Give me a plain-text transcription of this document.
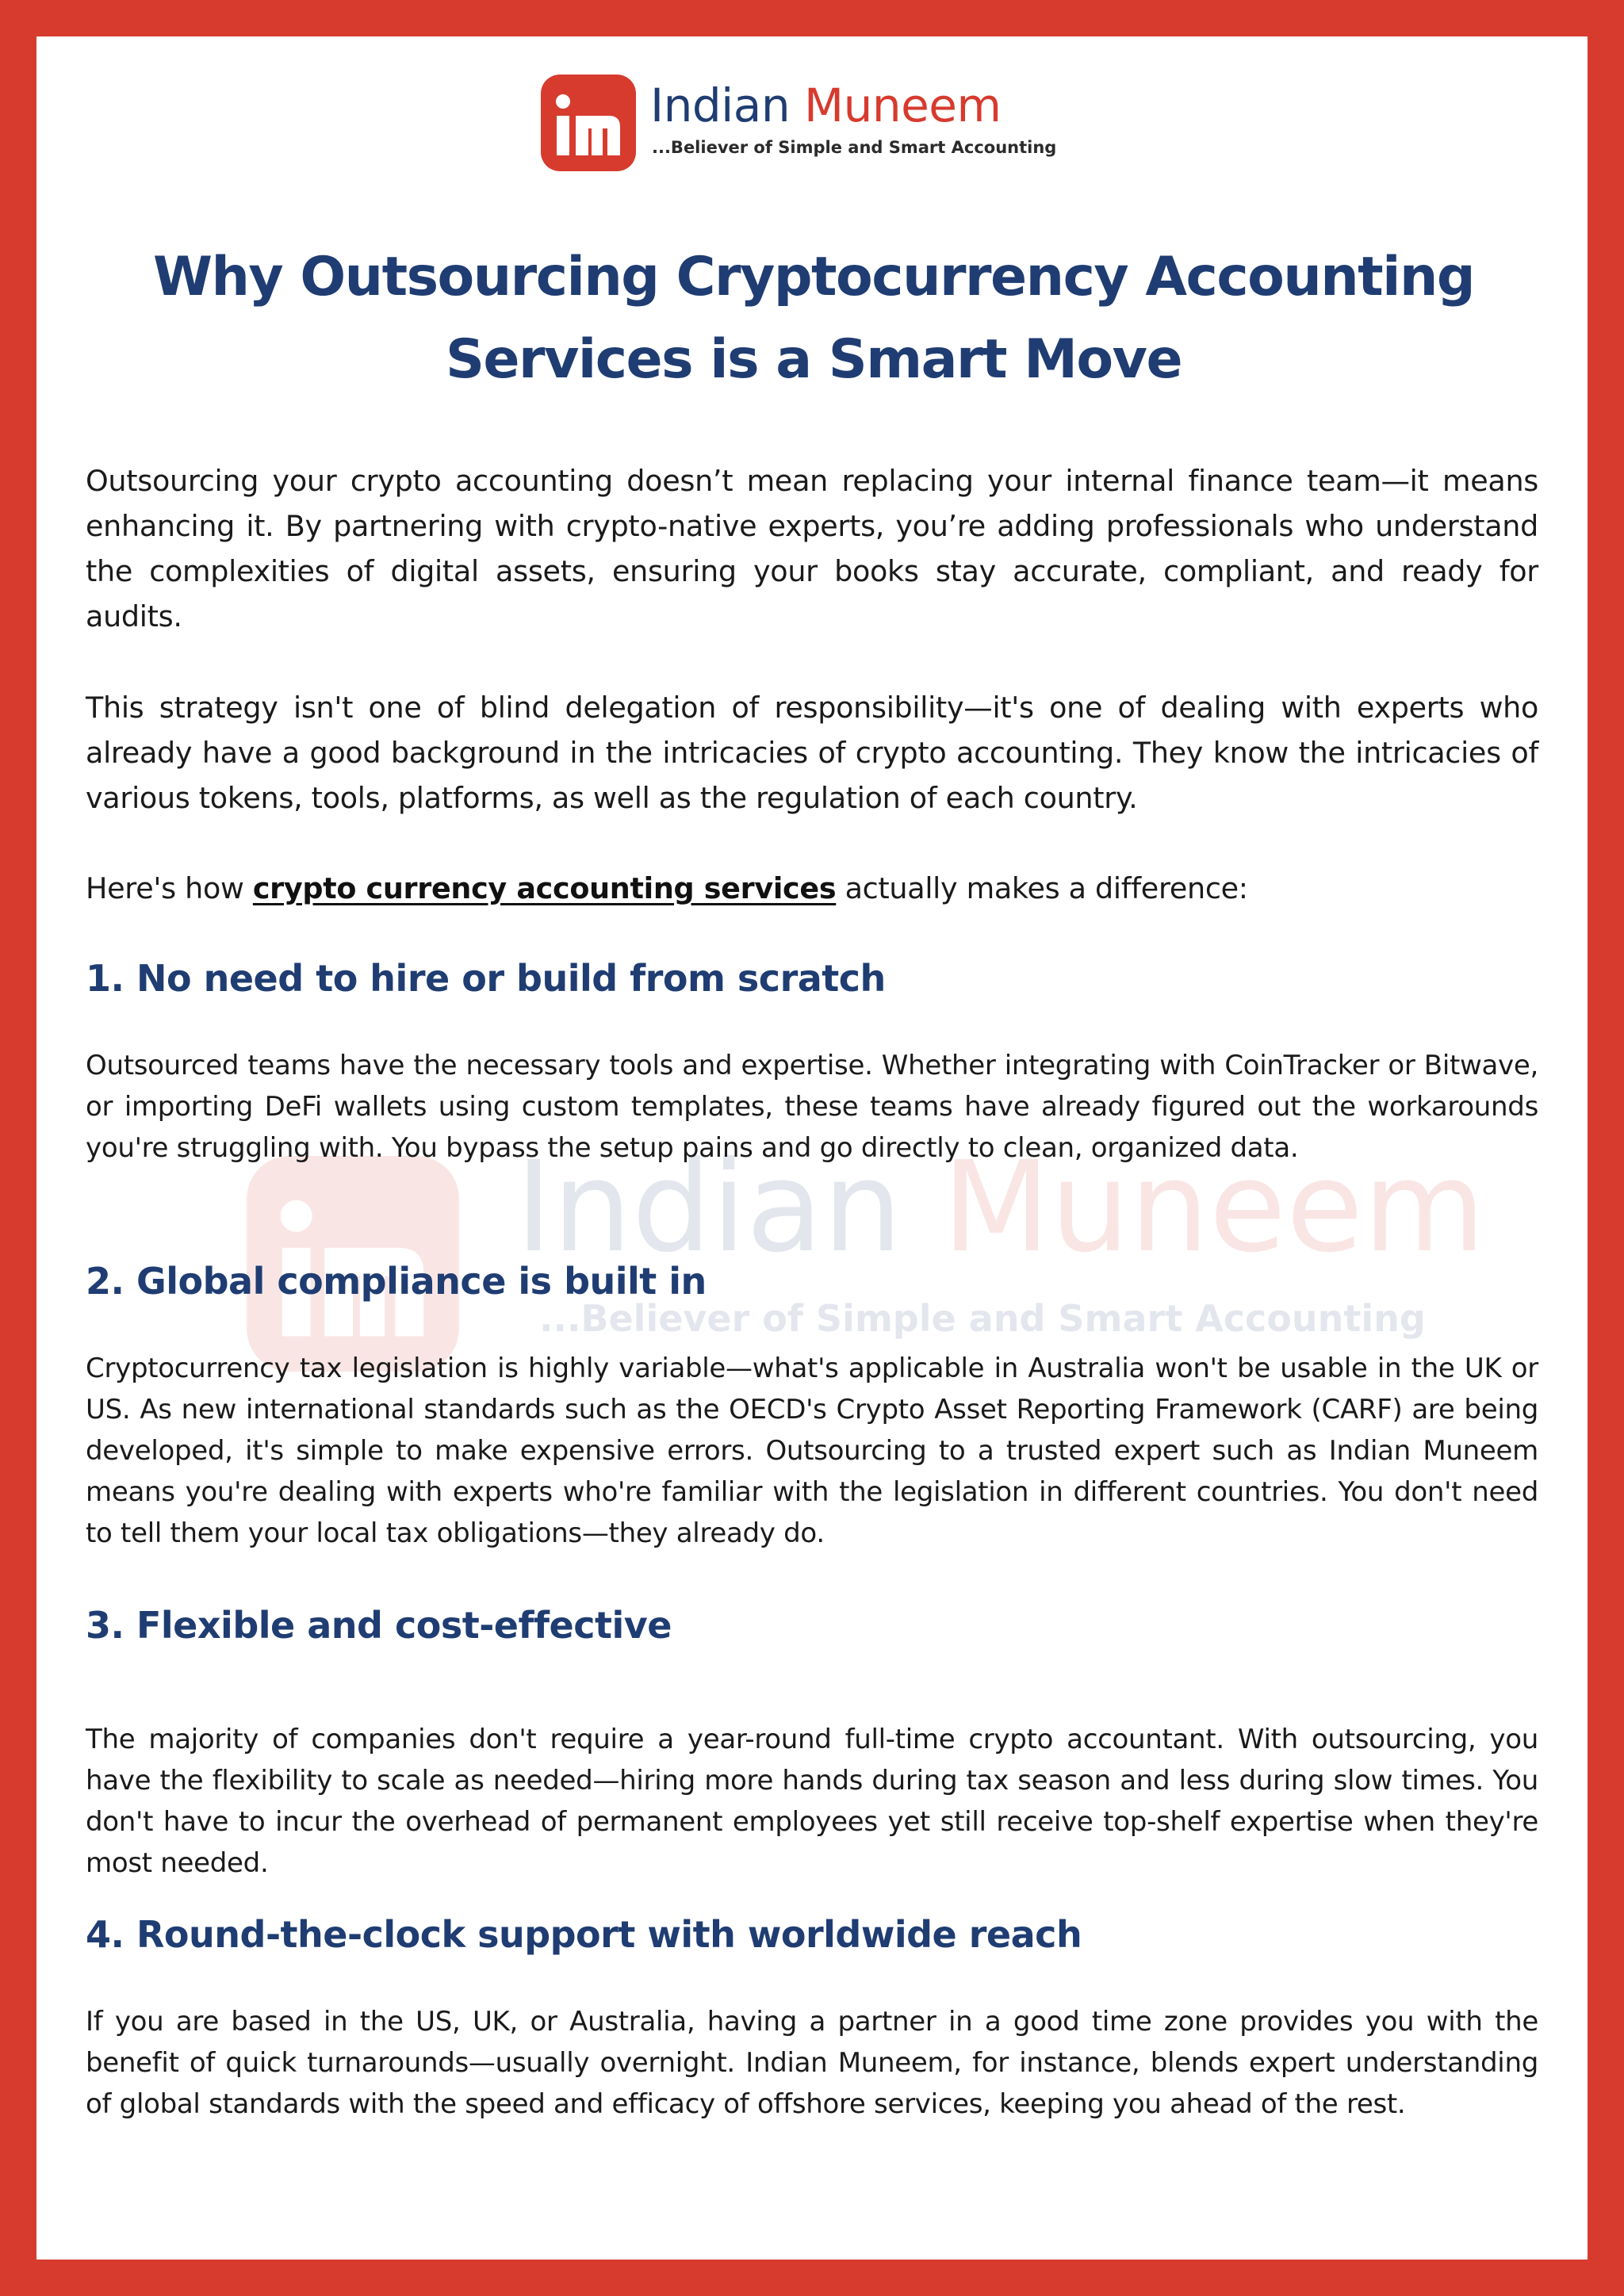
Indian Muneem
...Believer of Simple and Smart Accounting
Indian Muneem
...Believer of Simple and Smart Accounting
Why Outsourcing Cryptocurrency Accounting Services is a Smart Move

Outsourcing your crypto accounting doesn’t mean replacing your internal finance team—it means enhancing it. By partnering with crypto-native experts, you’re adding professionals who understand the complexities of digital assets, ensuring your books stay accurate, compliant, and ready for audits.

This strategy isn't one of blind delegation of responsibility—it's one of dealing with experts who already have a good background in the intricacies of crypto accounting. They know the intricacies of various tokens, tools, platforms, as well as the regulation of each country.

Here's how crypto currency accounting services actually makes a difference:

1. No need to hire or build from scratch

Outsourced teams have the necessary tools and expertise. Whether integrating with CoinTracker or Bitwave, or importing DeFi wallets using custom templates, these teams have already figured out the workarounds you're struggling with. You bypass the setup pains and go directly to clean, organized data.

2. Global compliance is built in

Cryptocurrency tax legislation is highly variable—what's applicable in Australia won't be usable in the UK or US. As new international standards such as the OECD's Crypto Asset Reporting Framework (CARF) are being developed, it's simple to make expensive errors. Outsourcing to a trusted expert such as Indian Muneem means you're dealing with experts who're familiar with the legislation in different countries. You don't need to tell them your local tax obligations—they already do.

3. Flexible and cost-effective

The majority of companies don't require a year-round full-time crypto accountant. With outsourcing, you have the flexibility to scale as needed—hiring more hands during tax season and less during slow times. You don't have to incur the overhead of permanent employees yet still receive top-shelf expertise when they're most needed.

4. Round-the-clock support with worldwide reach

If you are based in the US, UK, or Australia, having a partner in a good time zone provides you with the benefit of quick turnarounds—usually overnight. Indian Muneem, for instance, blends expert understanding of global standards with the speed and efficacy of offshore services, keeping you ahead of the rest.
